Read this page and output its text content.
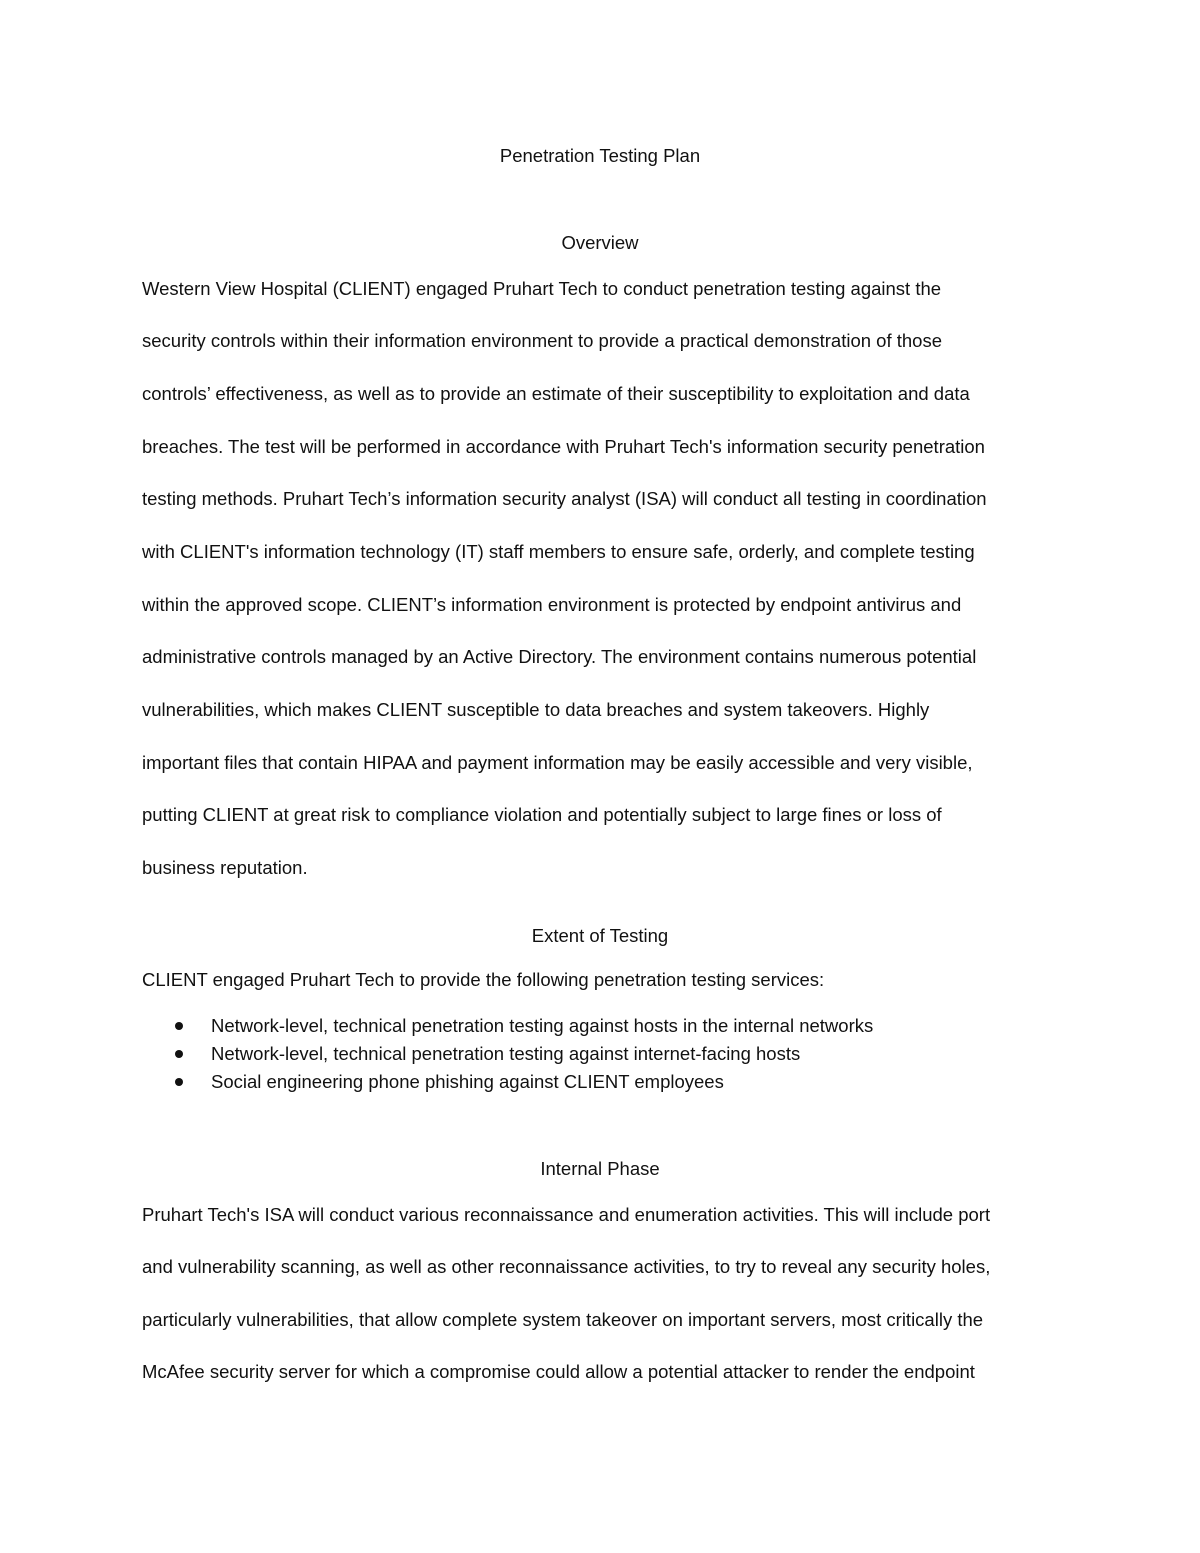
Penetration Testing Plan
Overview

Western View Hospital (CLIENT) engaged Pruhart Tech to conduct penetration testing against the

security controls within their information environment to provide a practical demonstration of those

controls’ effectiveness, as well as to provide an estimate of their susceptibility to exploitation and data

breaches. The test will be performed in accordance with Pruhart Tech's information security penetration

testing methods. Pruhart Tech’s information security analyst (ISA) will conduct all testing in coordination

with CLIENT's information technology (IT) staff members to ensure safe, orderly, and complete testing

within the approved scope. CLIENT’s information environment is protected by endpoint antivirus and

administrative controls managed by an Active Directory. The environment contains numerous potential

vulnerabilities, which makes CLIENT susceptible to data breaches and system takeovers. Highly

important files that contain HIPAA and payment information may be easily accessible and very visible,

putting CLIENT at great risk to compliance violation and potentially subject to large fines or loss of

business reputation.

Extent of Testing

CLIENT engaged Pruhart Tech to provide the following penetration testing services:

Network-level, technical penetration testing against hosts in the internal networks
Network-level, technical penetration testing against internet-facing hosts
Social engineering phone phishing against CLIENT employees
Internal Phase

Pruhart Tech's ISA will conduct various reconnaissance and enumeration activities. This will include port

and vulnerability scanning, as well as other reconnaissance activities, to try to reveal any security holes,

particularly vulnerabilities, that allow complete system takeover on important servers, most critically the

McAfee security server for which a compromise could allow a potential attacker to render the endpoint
